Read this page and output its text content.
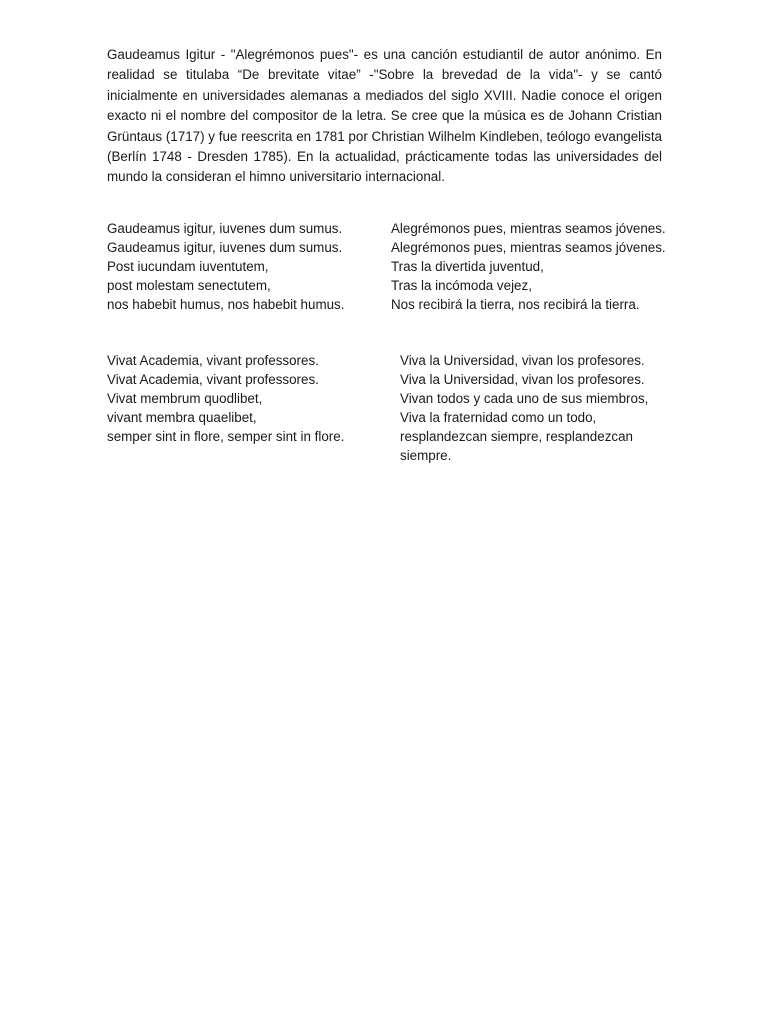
Gaudeamus Igitur - "Alegrémonos pues"- es una canción estudiantil de autor anónimo. En realidad se titulaba “De brevitate vitae” -"Sobre la brevedad de la vida"- y se cantó inicialmente en universidades alemanas a mediados del siglo XVIII. Nadie conoce el origen exacto ni el nombre del compositor de la letra. Se cree que la música es de Johann Cristian Grüntaus (1717) y fue reescrita en 1781 por Christian Wilhelm Kindleben, teólogo evangelista (Berlín 1748 - Dresden 1785). En la actualidad, prácticamente todas las universidades del mundo la consideran el himno universitario internacional.

Gaudeamus igitur, iuvenes dum sumus.
Gaudeamus igitur, iuvenes dum sumus.
Post iucundam iuventutem,
post molestam senectutem,
nos habebit humus, nos habebit humus.
Alegrémonos pues, mientras seamos jóvenes.
Alegrémonos pues, mientras seamos jóvenes.
Tras la divertida juventud,
Tras la incómoda vejez,
Nos recibirá la tierra, nos recibirá la tierra.
Vivat Academia, vivant professores.
Vivat Academia, vivant professores.
Vivat membrum quodlibet,
vivant membra quaelibet,
semper sint in flore, semper sint in flore.
Viva la Universidad, vivan los profesores.
Viva la Universidad, vivan los profesores.
Vivan todos y cada uno de sus miembros,
Viva la fraternidad como un todo,
resplandezcan siempre, resplandezcan siempre.
